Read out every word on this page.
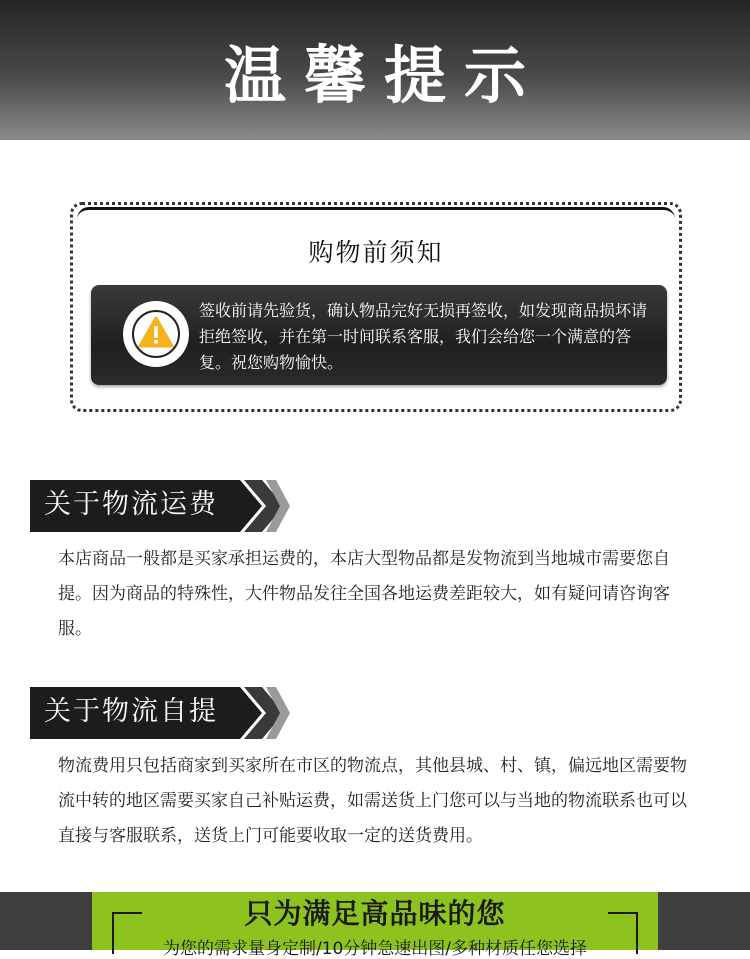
温馨提示
购物前须知
签收前请先验货，确认物品完好无损再签收，如发现商品损坏请拒绝签收，并在第一时间联系客服，我们会给您一个满意的答复。祝您购物愉快。
关于物流运费
本店商品一般都是买家承担运费的，本店大型物品都是发物流到当地城市需要您自提。因为商品的特殊性，大件物品发往全国各地运费差距较大，如有疑问请咨询客服。
关于物流自提
物流费用只包括商家到买家所在市区的物流点，其他县城、村、镇，偏远地区需要物流中转的地区需要买家自己补贴运费，如需送货上门您可以与当地的物流联系也可以直接与客服联系，送货上门可能要收取一定的送货费用。
只为满足高品味的您
为您的需求量身定制/10分钟急速出图/多种材质任您选择
